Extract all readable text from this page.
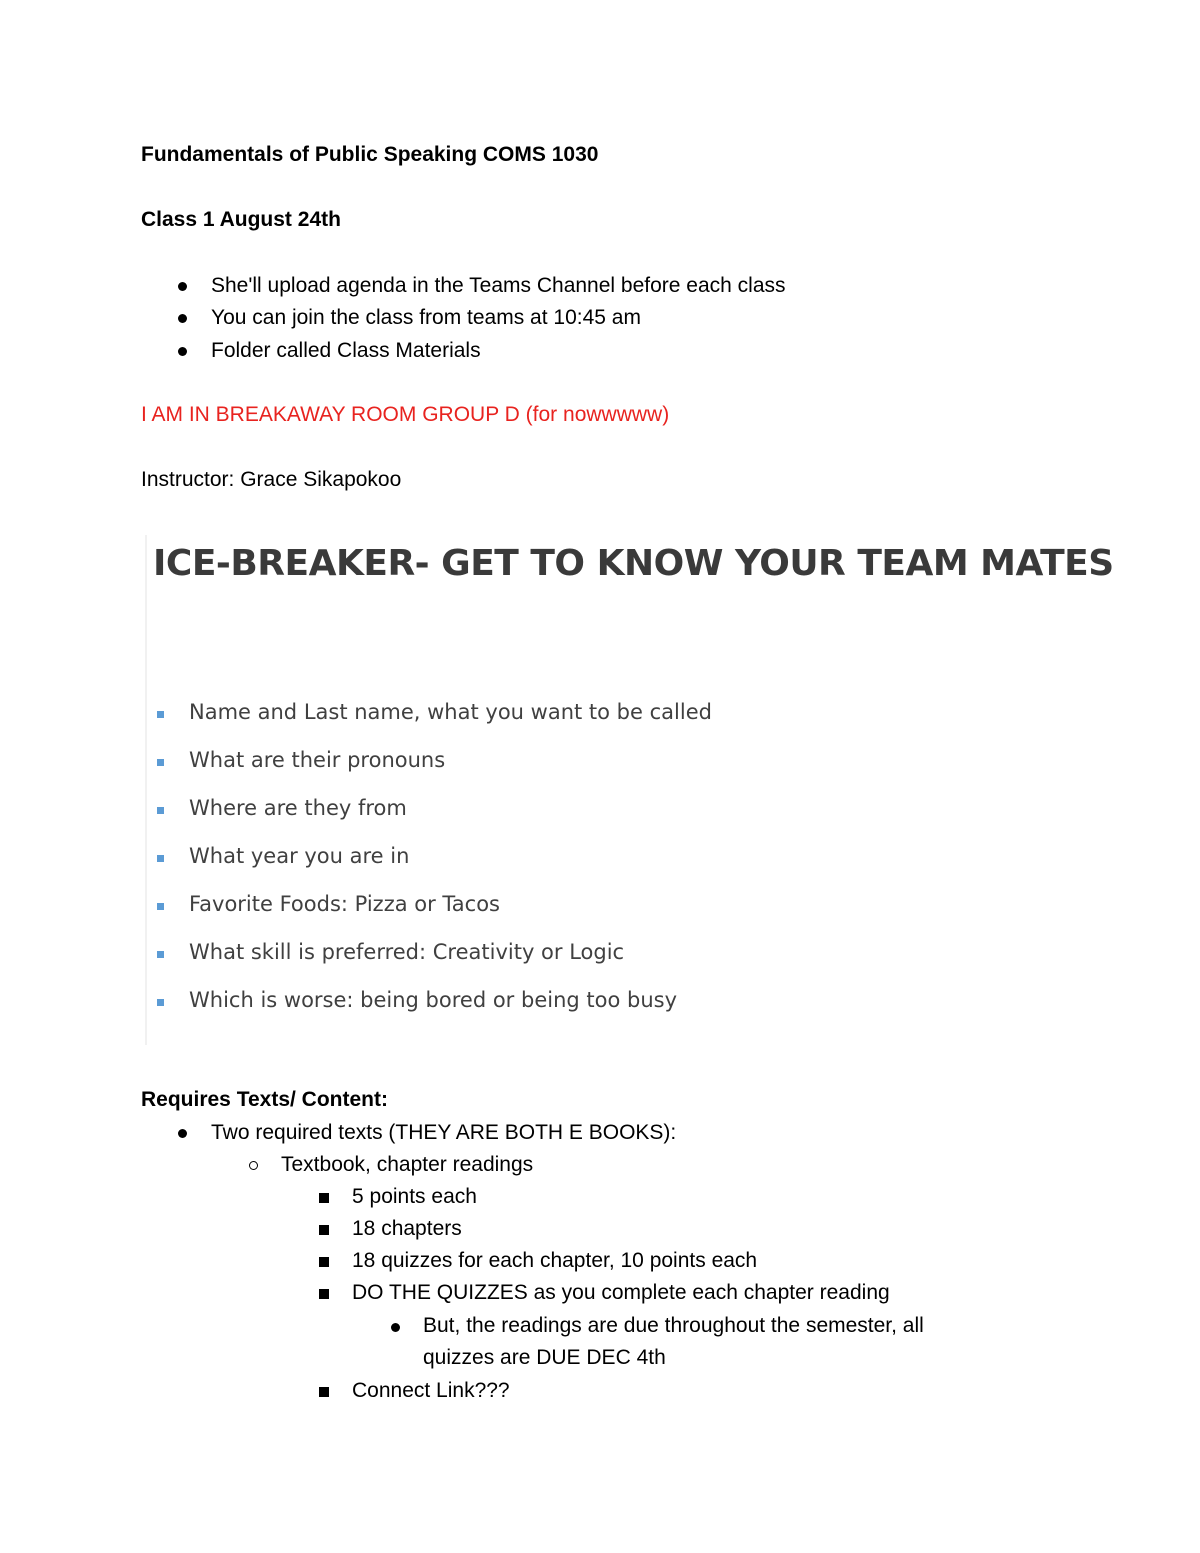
Fundamentals of Public Speaking COMS 1030
Class 1 August 24th
She'll upload agenda in the Teams Channel before each class
You can join the class from teams at 10:45 am
Folder called Class Materials
I AM IN BREAKAWAY ROOM GROUP D (for nowwwww)
Instructor: Grace Sikapokoo
ICE-BREAKER- GET TO KNOW YOUR TEAM MATES
Name and Last name, what you want to be called
What are their pronouns
Where are they from
What year you are in
Favorite Foods: Pizza or Tacos
What skill is preferred: Creativity or Logic
Which is worse: being bored or being too busy
Requires Texts/ Content:
Two required texts (THEY ARE BOTH E BOOKS):
Textbook, chapter readings
5 points each
18 chapters
18 quizzes for each chapter, 10 points each
DO THE QUIZZES as you complete each chapter reading
But, the readings are due throughout the semester, all
quizzes are DUE DEC 4th
Connect Link???
